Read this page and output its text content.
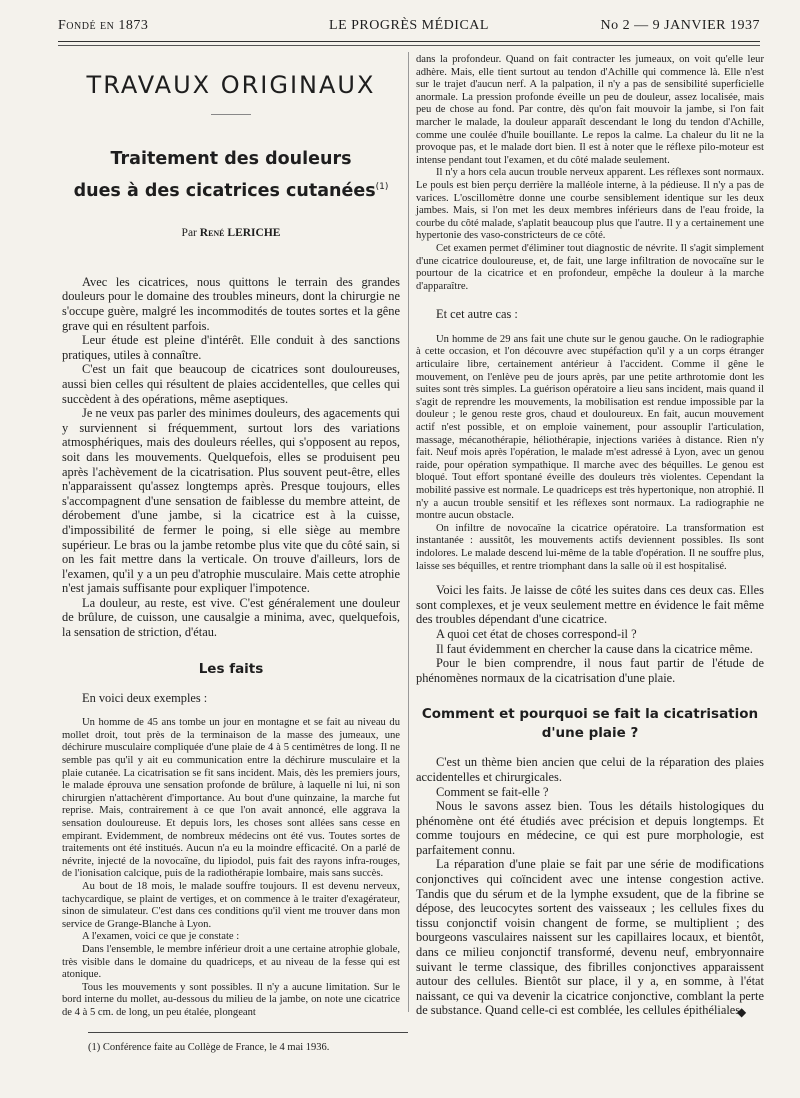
Fondé en 1873	LE PROGRÈS MÉDICAL	No 2 — 9 JANVIER 1937
TRAVAUX ORIGINAUX
Traitement des douleurs
dues à des cicatrices cutanées$^{(1)}$
Par René LERICHE

Avec les cicatrices, nous quittons le terrain des grandes douleurs pour le domaine des troubles mineurs, dont la chirurgie ne s'occupe guère, malgré les incommodités de toutes sortes et la gêne grave qui en résultent parfois.

Leur étude est pleine d'intérêt. Elle conduit à des sanctions pratiques, utiles à connaître.

C'est un fait que beaucoup de cicatrices sont douloureuses, aussi bien celles qui résultent de plaies accidentelles, que celles qui succèdent à des opérations, même aseptiques.

Je ne veux pas parler des minimes douleurs, des agacements qui y surviennent si fréquemment, surtout lors des variations atmosphériques, mais des douleurs réelles, qui s'opposent au repos, soit dans les mouvements. Quelquefois, elles se produisent peu après l'achèvement de la cicatrisation. Plus souvent peut-être, elles n'apparaissent qu'assez longtemps après. Presque toujours, elles s'accompagnent d'une sensation de faiblesse du membre atteint, de dérobement d'une jambe, si la cicatrice est à la cuisse, d'impossibilité de fermer le poing, si elle siège au membre supérieur. Le bras ou la jambe retombe plus vite que du côté sain, si on les fait mettre dans la verticale. On trouve d'ailleurs, lors de l'examen, qu'il y a un peu d'atrophie musculaire. Mais cette atrophie n'est jamais suffisante pour expliquer l'impotence.

La douleur, au reste, est vive. C'est généralement une douleur de brûlure, de cuisson, une causalgie a minima, avec, quelquefois, la sensation de striction, d'étau.

Les faits

En voici deux exemples :

Un homme de 45 ans tombe un jour en montagne et se fait au niveau du mollet droit, tout près de la terminaison de la masse des jumeaux, une déchirure musculaire compliquée d'une plaie de 4 à 5 centimètres de long. Il ne semble pas qu'il y ait eu communication entre la déchirure musculaire et la plaie cutanée. La cicatrisation se fit sans incident. Mais, dès les premiers jours, le malade éprouva une sensation profonde de brûlure, à laquelle ni lui, ni son chirurgien n'attachèrent d'importance. Au bout d'une quinzaine, la marche fut reprise. Mais, contrairement à ce que l'on avait annoncé, elle aggrava la sensation douloureuse. Et depuis lors, les choses sont allées sans cesse en empirant. Evidemment, de nombreux médecins ont été vus. Toutes sortes de traitements ont été institués. Aucun n'a eu la moindre efficacité. On a parlé de névrite, injecté de la novocaïne, du lipiodol, puis fait des rayons infra-rouges, de l'ionisation calcique, puis de la radiothérapie lombaire, mais sans succès.

Au bout de 18 mois, le malade souffre toujours. Il est devenu nerveux, tachycardique, se plaint de vertiges, et on commence à le traiter d'exagérateur, sinon de simulateur. C'est dans ces conditions qu'il vient me trouver dans mon service de Grange-Blanche à Lyon.

A l'examen, voici ce que je constate :

Dans l'ensemble, le membre inférieur droit a une certaine atrophie globale, très visible dans le domaine du quadriceps, et au niveau de la fesse qui est atonique.

Tous les mouvements y sont possibles. Il n'y a aucune limitation. Sur le bord interne du mollet, au-dessous du milieu de la jambe, on note une cicatrice de 4 à 5 cm. de long, un peu étalée, plongeant

(1) Conférence faite au Collège de France, le 4 mai 1936.

dans la profondeur. Quand on fait contracter les jumeaux, on voit qu'elle leur adhère. Mais, elle tient surtout au tendon d'Achille qui commence là. Elle n'est sur le trajet d'aucun nerf. A la palpation, il n'y a pas de sensibilité superficielle anormale. La pression profonde éveille un peu de douleur, assez localisée, mais peu de chose au fond. Par contre, dès qu'on fait mouvoir la jambe, si l'on fait marcher le malade, la douleur apparaît descendant le long du tendon d'Achille, comme une coulée d'huile bouillante. Le repos la calme. La chaleur du lit ne la provoque pas, et le malade dort bien. Il est à noter que le réflexe pilo-moteur est intense pendant tout l'examen, et du côté malade seulement.

Il n'y a hors cela aucun trouble nerveux apparent. Les réflexes sont normaux. Le pouls est bien perçu derrière la malléole interne, à la pédieuse. Il n'y a pas de varices. L'oscillomètre donne une courbe sensiblement identique sur les deux jambes. Mais, si l'on met les deux membres inférieurs dans de l'eau froide, la courbe du côté malade, s'aplatit beaucoup plus que l'autre. Il y a certainement une hypertonie des vaso-constricteurs de ce côté.

Cet examen permet d'éliminer tout diagnostic de névrite. Il s'agit simplement d'une cicatrice douloureuse, et, de fait, une large infiltration de novocaïne sur le pourtour de la cicatrice et en profondeur, empêche la douleur à la marche d'apparaître.

Et cet autre cas :

Un homme de 29 ans fait une chute sur le genou gauche. On le radiographie à cette occasion, et l'on découvre avec stupéfaction qu'il y a un corps étranger articulaire libre, certainement antérieur à l'accident. Comme il gêne le mouvement, on l'enlève peu de jours après, par une petite arthrotomie dont les suites sont très simples. La guérison opératoire a lieu sans incident, mais quand il s'agit de reprendre les mouvements, la mobilisation est rendue impossible par la douleur ; le genou reste gros, chaud et douloureux. En fait, aucun mouvement actif n'est possible, et on emploie vainement, pour assouplir l'articulation, massage, mécanothérapie, héliothérapie, injections variées à distance. Rien n'y fait. Neuf mois après l'opération, le malade m'est adressé à Lyon, avec un genou raide, pour opération sympathique. Il marche avec des béquilles. Le genou est bloqué. Tout effort spontané éveille des douleurs très violentes. Cependant la mobilité passive est normale. Le quadriceps est très hypertonique, non atrophié. Il n'y a aucun trouble sensitif et les réflexes sont normaux. La radiographie ne montre aucun obstacle.

On infiltre de novocaïne la cicatrice opératoire. La transformation est instantanée : aussitôt, les mouvements actifs deviennent possibles. Ils sont indolores. Le malade descend lui-même de la table d'opération. Il ne souffre plus, laisse ses béquilles, et rentre triomphant dans la salle où il est hospitalisé.

Voici les faits. Je laisse de côté les suites dans ces deux cas. Elles sont complexes, et je veux seulement mettre en évidence le fait même des troubles dépendant d'une cicatrice.

A quoi cet état de choses correspond-il ?

Il faut évidemment en chercher la cause dans la cicatrice même.

Pour le bien comprendre, il nous faut partir de l'étude de phénomènes normaux de la cicatrisation d'une plaie.

Comment et pourquoi se fait la cicatrisation
d'une plaie ?

C'est un thème bien ancien que celui de la réparation des plaies accidentelles et chirurgicales.

Comment se fait-elle ?

Nous le savons assez bien. Tous les détails histologiques du phénomène ont été étudiés avec précision et depuis longtemps. Et comme toujours en médecine, ce qui est pure morphologie, est parfaitement connu.

La réparation d'une plaie se fait par une série de modifications conjonctives qui coïncident avec une intense congestion active. Tandis que du sérum et de la lymphe exsudent, que de la fibrine se dépose, des leucocytes sortent des vaisseaux ; les cellules fixes du tissu conjonctif voisin changent de forme, se multiplient ; des bourgeons vasculaires naissent sur les capillaires locaux, et bientôt, dans ce milieu conjonctif transformé, devenu neuf, embryonnaire suivant le terme classique, des fibrilles conjonctives apparaissent autour des cellules. Bientôt sur place, il y a, en somme, à l'état naissant, ce qui va devenir la cicatrice conjonctive, comblant la perte de substance. Quand celle-ci est comblée, les cellules épithéliales

◆
